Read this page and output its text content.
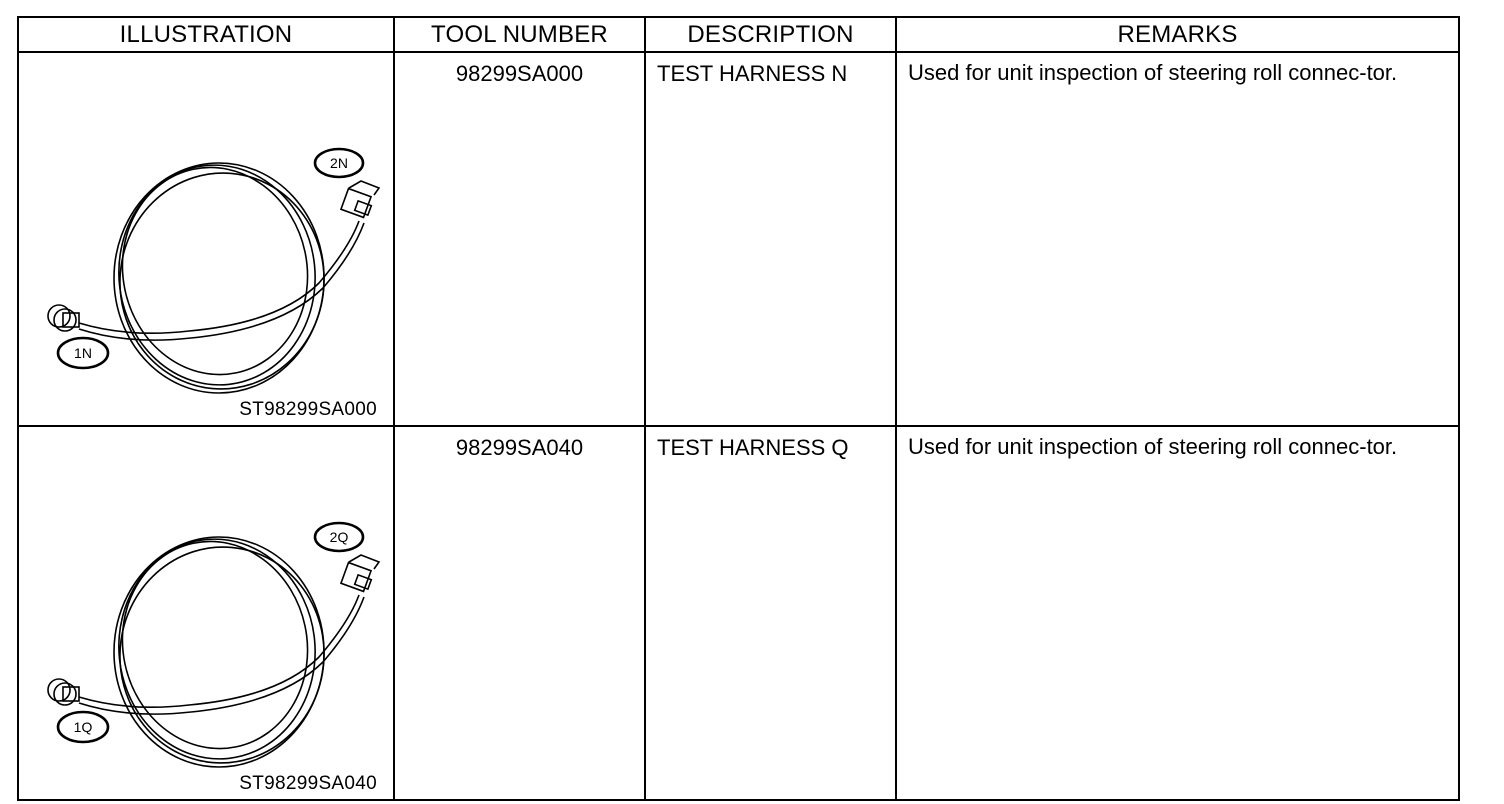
ILLUSTRATION	TOOL NUMBER	DESCRIPTION	REMARKS

2N
1N
ST98299SA000	98299SA000	TEST HARNESS N	Used for unit inspection of steering roll connec-tor.

2Q
1Q
ST98299SA040	98299SA040	TEST HARNESS Q	Used for unit inspection of steering roll connec-tor.
